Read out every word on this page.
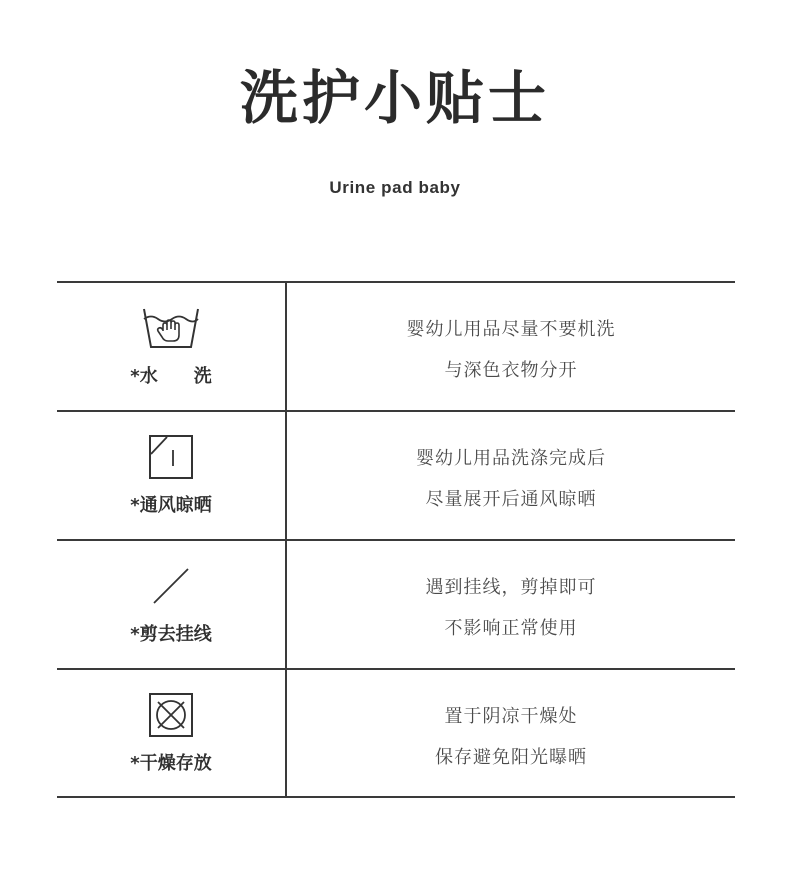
洗护小贴士
Urine pad baby
*水　　洗
婴幼儿用品尽量不要机洗
与深色衣物分开
*通风晾晒
婴幼儿用品洗涤完成后
尽量展开后通风晾晒
*剪去挂线
遇到挂线，剪掉即可
不影响正常使用
*干燥存放
置于阴凉干燥处
保存避免阳光曝晒
